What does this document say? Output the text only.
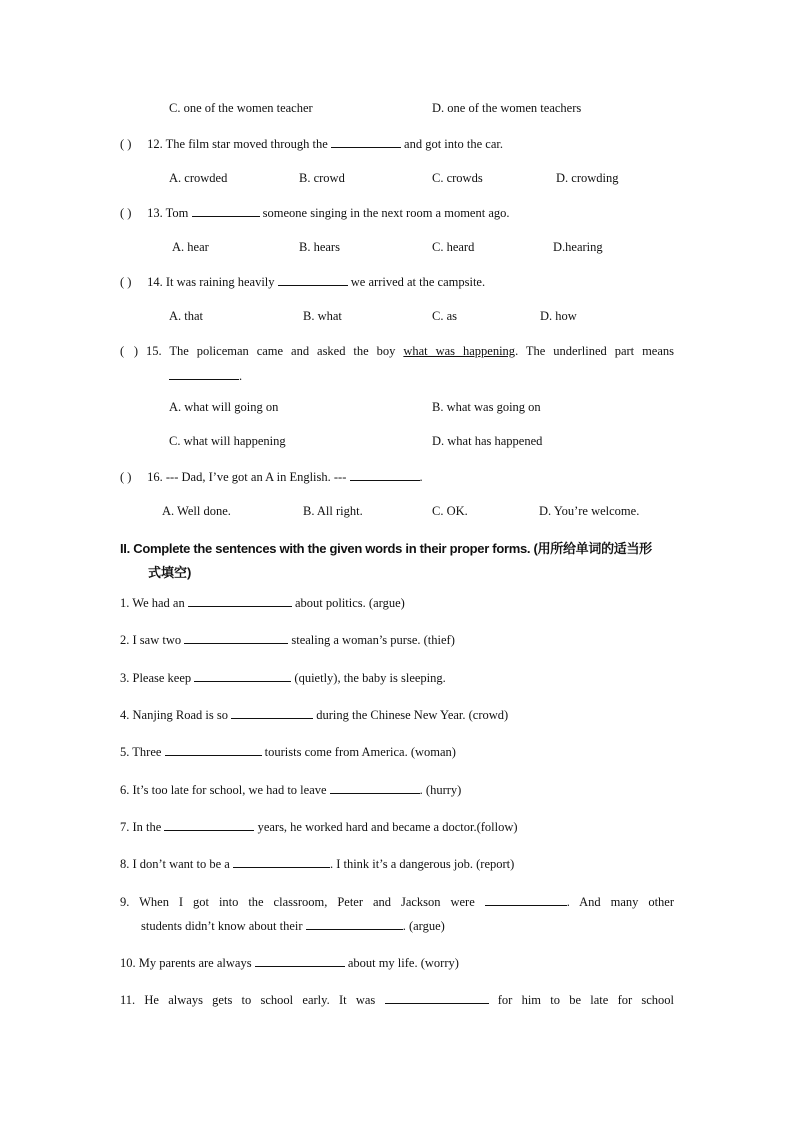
C. one of the women teacher	D. one of the women teachers
( ) 12. The film star moved through the	and got into the car.
A. crowded	B. crowd	C. crowds	D. crowding
( ) 13. Tom	someone singing in the next room a moment ago.
A. hear	B. hears	C. heard	D.hearing
( ) 14. It was raining heavily	we arrived at the campsite.
A. that	B. what	C. as	D. how
( ) 15. The policeman came and asked the boy what was happening. The underlined part means
.
A. what will going on	B. what was going on
C. what will happening	D. what has happened
( ) 16. --- Dad, I’ve got an A in English. ---	.
A. Well done.	B. All right.	C. OK.	D. You’re welcome.
II. Complete the sentences with the given words in their proper forms. (用所给单词的适当形
式填空)
1. We had an	about politics. (argue)
2. I saw two	stealing a woman’s purse. (thief)
3. Please keep	(quietly), the baby is sleeping.
4. Nanjing Road is so	during the Chinese New Year. (crowd)
5. Three	tourists come from America. (woman)
6. It’s too late for school, we had to leave	. (hurry)
7. In the	years, he worked hard and became a doctor.(follow)
8. I don’t want to be a	. I think it’s a dangerous job. (report)
9. When I got into the classroom, Peter and Jackson were	. And many other
students didn’t know about their	. (argue)
10. My parents are always	about my life. (worry)
11. He always gets to school early. It was	for him to be late for school
